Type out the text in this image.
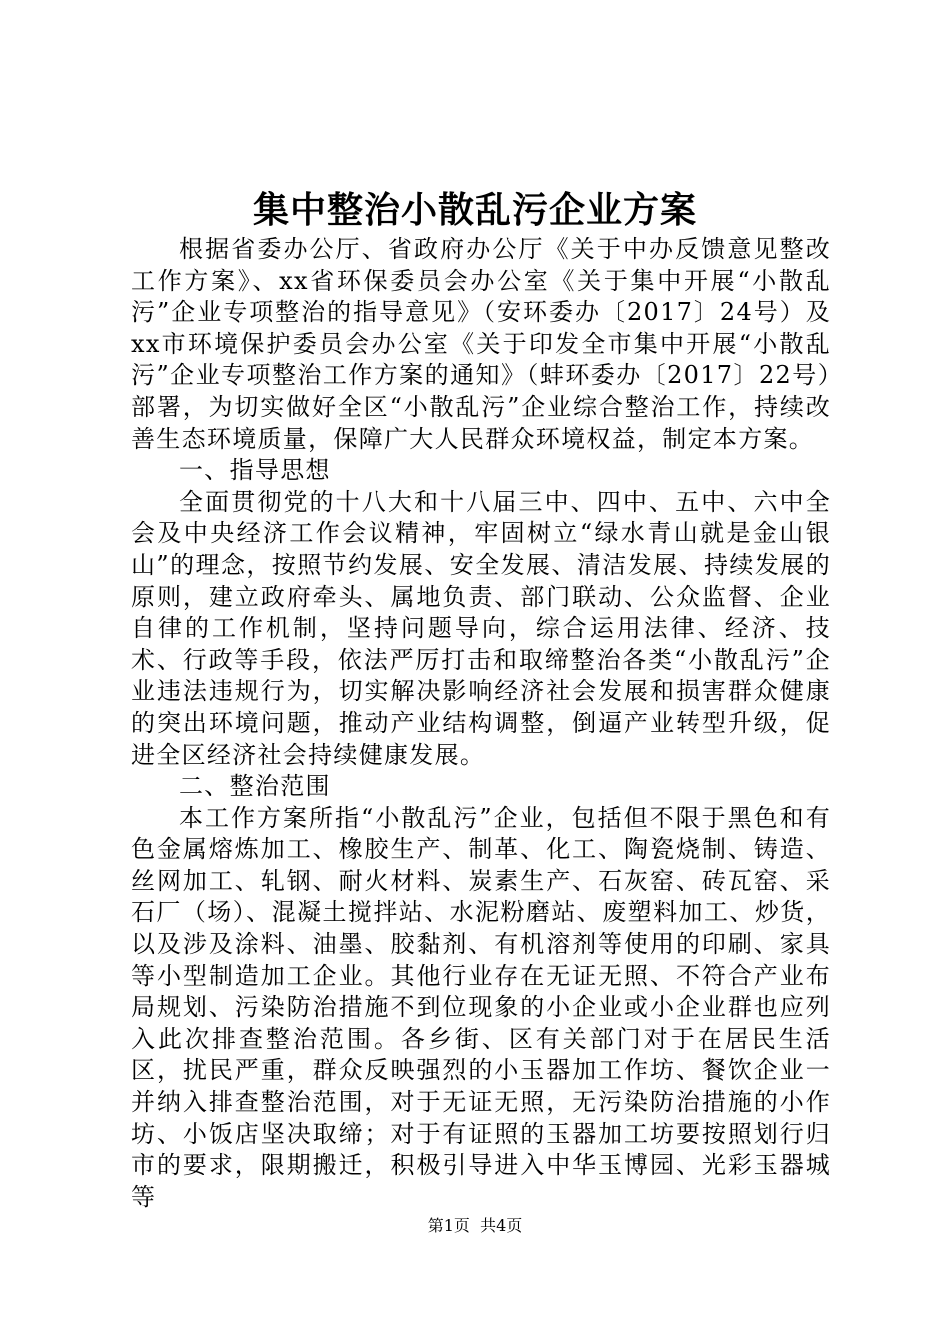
集中整治小散乱污企业方案

根据省委办公厅、省政府办公厅《关于中办反馈意见整改工作方案》、xx省环保委员会办公室《关于集中开展“小散乱污”企业专项整治的指导意见》（安环委办〔2017〕24号）及xx市环境保护委员会办公室《关于印发全市集中开展“小散乱污”企业专项整治工作方案的通知》（蚌环委办〔2017〕22号）部署，为切实做好全区“小散乱污”企业综合整治工作，持续改善生态环境质量，保障广大人民群众环境权益，制定本方案。

一、指导思想

全面贯彻党的十八大和十八届三中、四中、五中、六中全会及中央经济工作会议精神，牢固树立“绿水青山就是金山银山”的理念，按照节约发展、安全发展、清洁发展、持续发展的原则，建立政府牵头、属地负责、部门联动、公众监督、企业自律的工作机制，坚持问题导向，综合运用法律、经济、技术、行政等手段，依法严厉打击和取缔整治各类“小散乱污”企业违法违规行为，切实解决影响经济社会发展和损害群众健康的突出环境问题，推动产业结构调整，倒逼产业转型升级，促进全区经济社会持续健康发展。

二、整治范围

本工作方案所指“小散乱污”企业，包括但不限于黑色和有色金属熔炼加工、橡胶生产、制革、化工、陶瓷烧制、铸造、丝网加工、轧钢、耐火材料、炭素生产、石灰窑、砖瓦窑、采石厂（场）、混凝土搅拌站、水泥粉磨站、废塑料加工、炒货，以及涉及涂料、油墨、胶黏剂、有机溶剂等使用的印刷、家具等小型制造加工企业。其他行业存在无证无照、不符合产业布局规划、污染防治措施不到位现象的小企业或小企业群也应列入此次排查整治范围。各乡街、区有关部门对于在居民生活区，扰民严重，群众反映强烈的小玉器加工作坊、餐饮企业一并纳入排查整治范围，对于无证无照，无污染防治措施的小作坊、小饭店坚决取缔；对于有证照的玉器加工坊要按照划行归市的要求，限期搬迁，积极引导进入中华玉博园、光彩玉器城等

第1页 共4页
